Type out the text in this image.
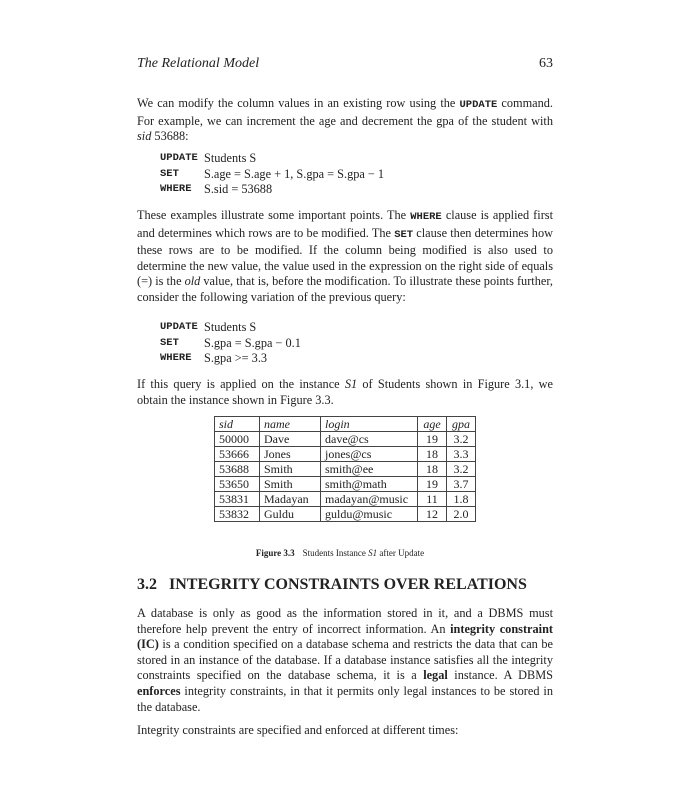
The Relational Model	63

We can modify the column values in an existing row using the UPDATE command. For example, we can increment the age and decrement the gpa of the student with sid 53688:

UPDATE Students S
SET	S.age = S.age + 1, S.gpa = S.gpa − 1
WHERE	S.sid = 53688

These examples illustrate some important points. The WHERE clause is applied first and determines which rows are to be modified. The SET clause then determines how these rows are to be modified. If the column being modified is also used to determine the new value, the value used in the expression on the right side of equals (=) is the old value, that is, before the modification. To illustrate these points further, consider the following variation of the previous query:

UPDATE Students S
SET	S.gpa = S.gpa − 0.1
WHERE	S.gpa >= 3.3

If this query is applied on the instance S1 of Students shown in Figure 3.1, we obtain the instance shown in Figure 3.3.

sid	name	login	age	gpa
50000	Dave	dave@cs	19	3.2
53666	Jones	jones@cs	18	3.3
53688	Smith	smith@ee	18	3.2
53650	Smith	smith@math	19	3.7
53831	Madayan	madayan@music	11	1.8
53832	Guldu	guldu@music	12	2.0
Figure 3.3 Students Instance S1 after Update
3.2 INTEGRITY CONSTRAINTS OVER RELATIONS

A database is only as good as the information stored in it, and a DBMS must therefore help prevent the entry of incorrect information. An integrity constraint (IC) is a condition specified on a database schema and restricts the data that can be stored in an instance of the database. If a database instance satisfies all the integrity constraints specified on the database schema, it is a legal instance. A DBMS enforces integrity constraints, in that it permits only legal instances to be stored in the database.

Integrity constraints are specified and enforced at different times:
